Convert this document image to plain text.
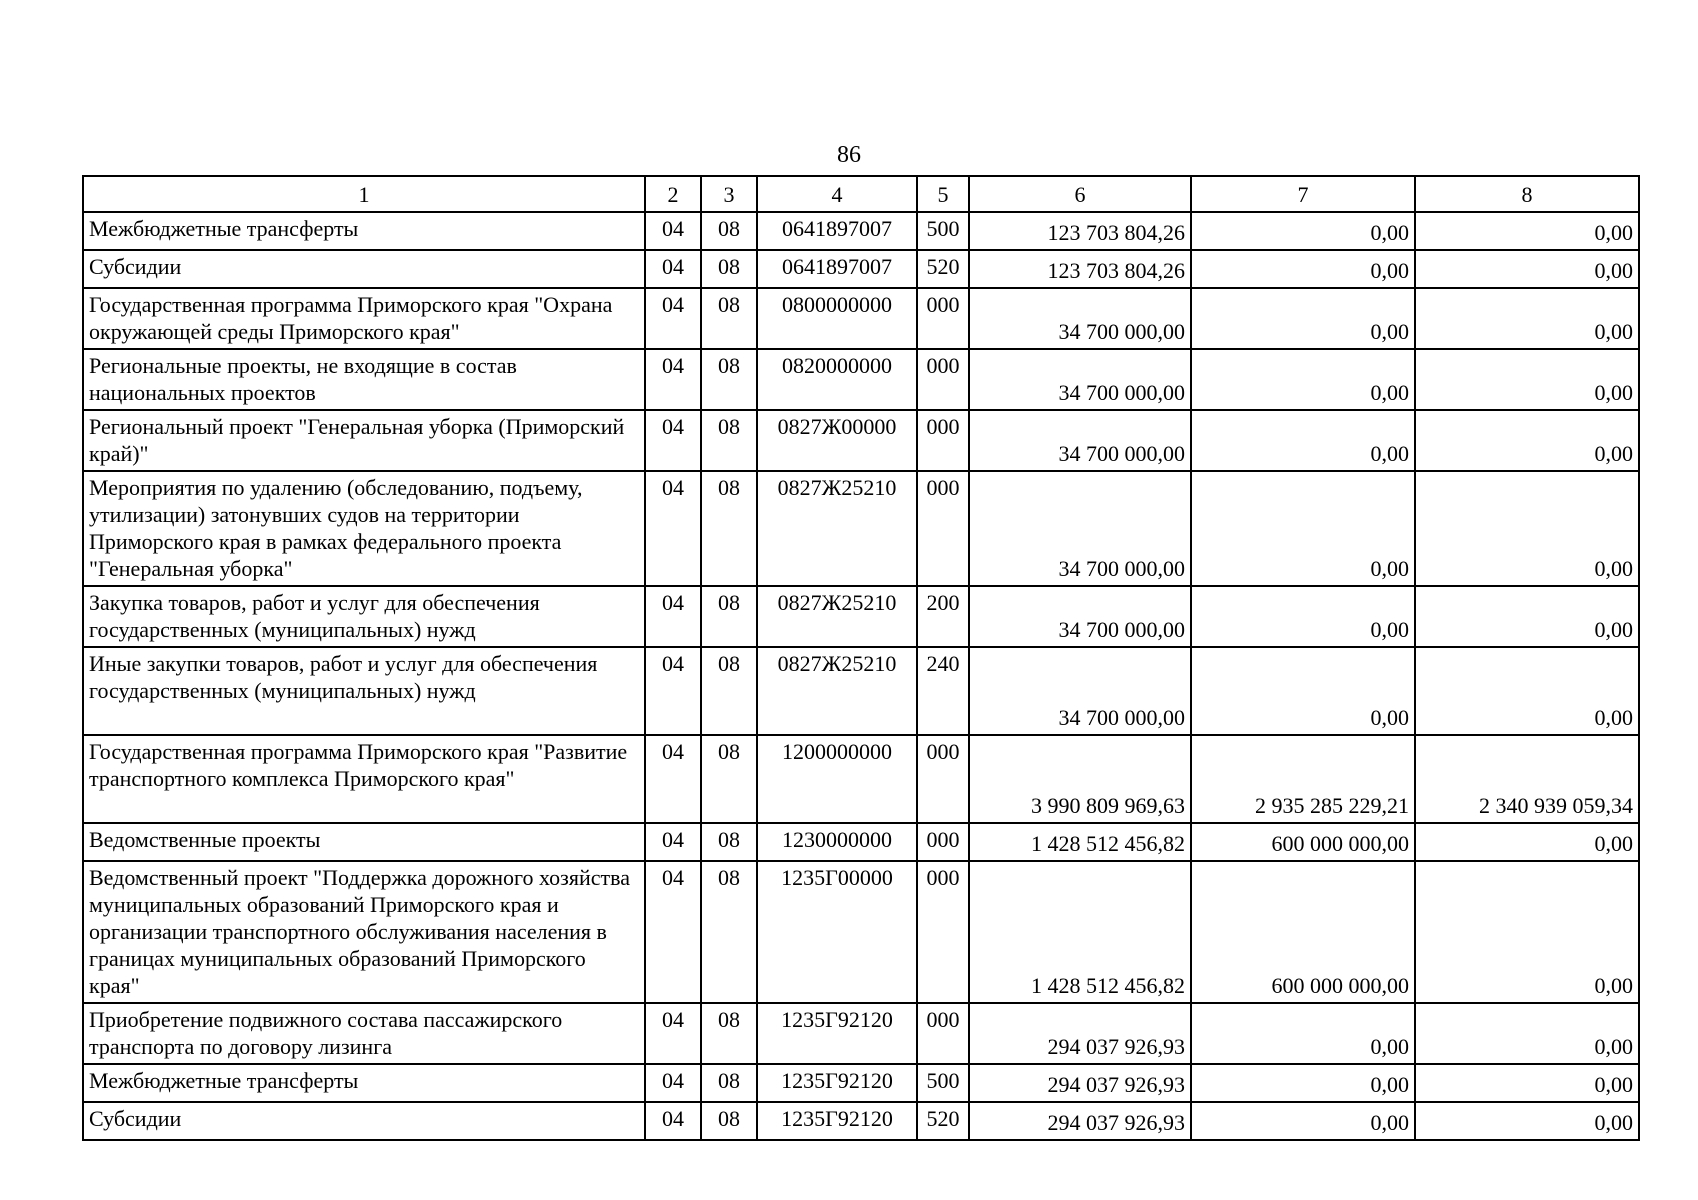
86
1	2	3	4	5	6	7	8
Межбюджетные трансферты	04	08	0641897007	500	123 703 804,26	0,00	0,00
Субсидии	04	08	0641897007	520	123 703 804,26	0,00	0,00
Государственная программа Приморского края "Охрана окружающей среды Приморского края"	04	08	0800000000	000	34 700 000,00	0,00	0,00
Региональные проекты, не входящие в состав национальных проектов	04	08	0820000000	000	34 700 000,00	0,00	0,00
Региональный проект "Генеральная уборка (Приморский край)"	04	08	0827Ж00000	000	34 700 000,00	0,00	0,00
Мероприятия по удалению (обследованию, подъему, утилизации) затонувших судов на территории Приморского края в рамках федерального проекта "Генеральная уборка"	04	08	0827Ж25210	000	34 700 000,00	0,00	0,00
Закупка товаров, работ и услуг для обеспечения государственных (муниципальных) нужд	04	08	0827Ж25210	200	34 700 000,00	0,00	0,00
Иные закупки товаров, работ и услуг для обеспечения государственных (муниципальных) нужд	04	08	0827Ж25210	240	34 700 000,00	0,00	0,00
Государственная программа Приморского края "Развитие транспортного комплекса Приморского края"	04	08	1200000000	000	3 990 809 969,63	2 935 285 229,21	2 340 939 059,34
Ведомственные проекты	04	08	1230000000	000	1 428 512 456,82	600 000 000,00	0,00
Ведомственный проект "Поддержка дорожного хозяйства муниципальных образований Приморского края и организации транспортного обслуживания населения в границах муниципальных образований Приморского края"	04	08	1235Г00000	000	1 428 512 456,82	600 000 000,00	0,00
Приобретение подвижного состава пассажирского транспорта по договору лизинга	04	08	1235Г92120	000	294 037 926,93	0,00	0,00
Межбюджетные трансферты	04	08	1235Г92120	500	294 037 926,93	0,00	0,00
Субсидии	04	08	1235Г92120	520	294 037 926,93	0,00	0,00
